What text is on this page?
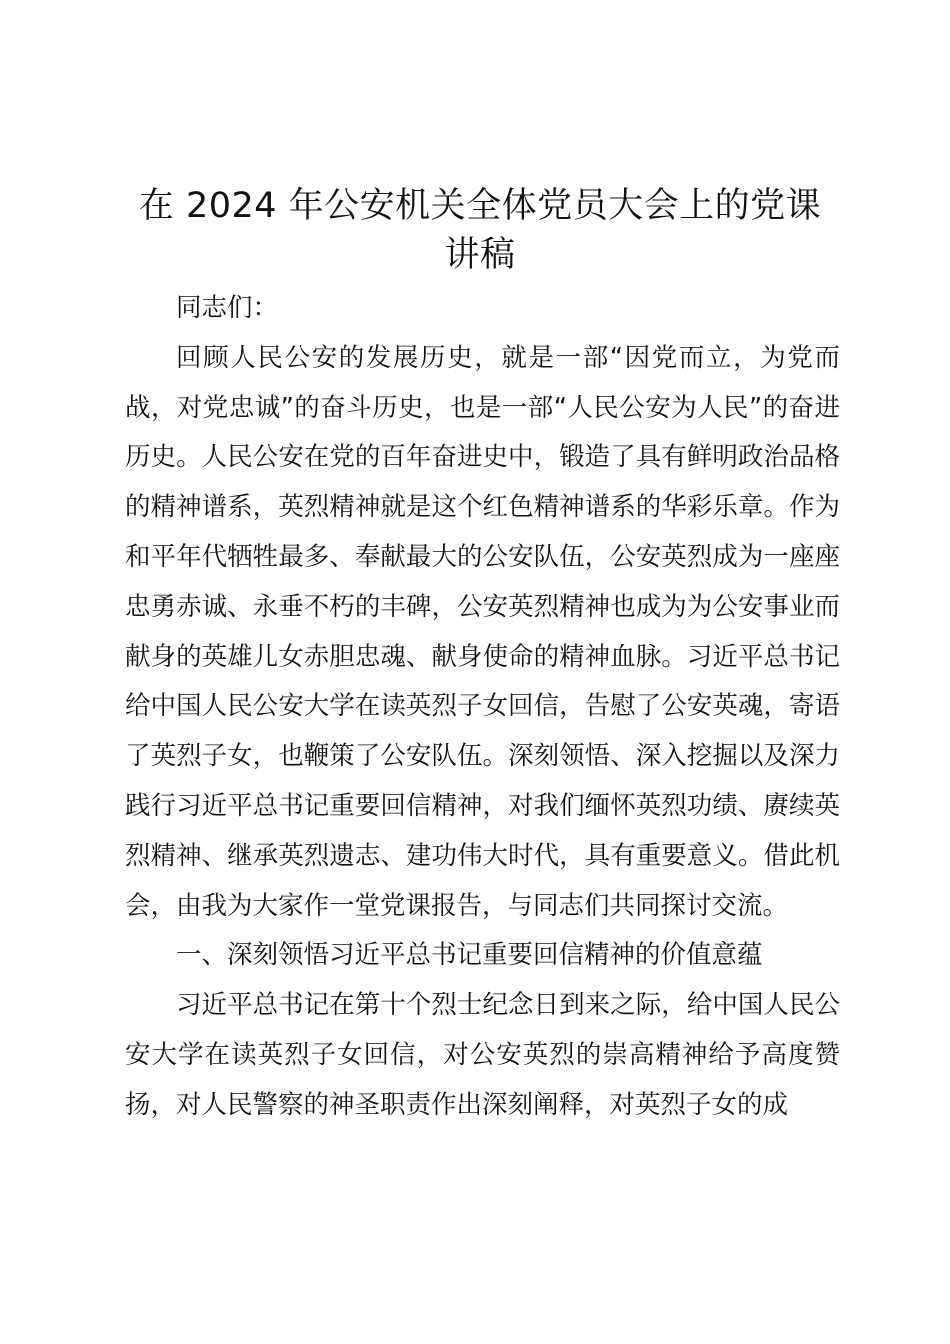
在 2024 年公安机关全体党员大会上的党课讲稿

同志们：

回顾人民公安的发展历史，就是一部“因党而立，为党而战，对党忠诚”的奋斗历史，也是一部“人民公安为人民”的奋进历史。人民公安在党的百年奋进史中，锻造了具有鲜明政治品格的精神谱系，英烈精神就是这个红色精神谱系的华彩乐章。作为和平年代牺牲最多、奉献最大的公安队伍，公安英烈成为一座座忠勇赤诚、永垂不朽的丰碑，公安英烈精神也成为为公安事业而献身的英雄儿女赤胆忠魂、献身使命的精神血脉。习近平总书记给中国人民公安大学在读英烈子女回信，告慰了公安英魂，寄语了英烈子女，也鞭策了公安队伍。深刻领悟、深入挖掘以及深力践行习近平总书记重要回信精神，对我们缅怀英烈功绩、赓续英烈精神、继承英烈遗志、建功伟大时代，具有重要意义。借此机会，由我为大家作一堂党课报告，与同志们共同探讨交流。

一、深刻领悟习近平总书记重要回信精神的价值意蕴

习近平总书记在第十个烈士纪念日到来之际，给中国人民公安大学在读英烈子女回信，对公安英烈的崇高精神给予高度赞扬，对人民警察的神圣职责作出深刻阐释，对英烈子女的成
